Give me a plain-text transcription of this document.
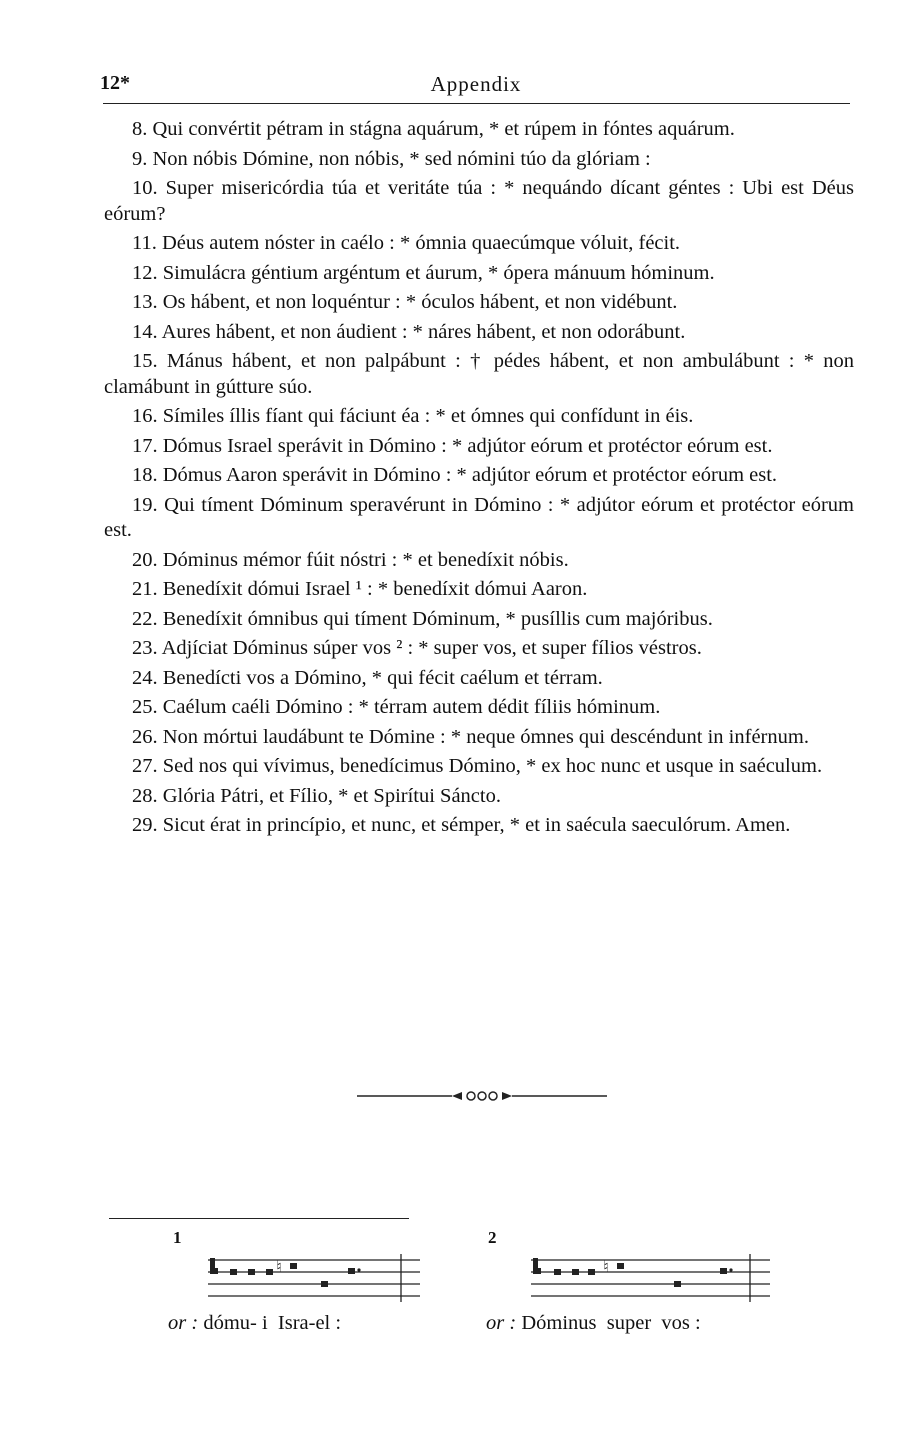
12*	Appendix

8. Qui convértit pétram in stágna aquárum, * et rúpem in fóntes aquárum.

9. Non nóbis Dómine, non nóbis, * sed nómini túo da glóriam :

10. Super misericórdia túa et veritáte túa : * nequándo dícant géntes : Ubi est Déus eórum?

11. Déus autem nóster in caélo : * ómnia quaecúmque vóluit, fécit.

12. Simulácra géntium argéntum et áurum, * ópera mánuum hóminum.

13. Os hábent, et non loquéntur : * óculos hábent, et non vidébunt.

14. Aures hábent, et non áudient : * náres hábent, et non odorábunt.

15. Mánus hábent, et non palpábunt : † pédes hábent, et non ambulábunt : * non clamábunt in gútture súo.

16. Símiles íllis fíant qui fáciunt éa : * et ómnes qui confídunt in éis.

17. Dómus Israel sperávit in Dómino : * adjútor eórum et protéctor eórum est.

18. Dómus Aaron sperávit in Dómino : * adjútor eórum et protéctor eórum est.

19. Qui tíment Dóminum speravérunt in Dómino : * adjútor eórum et protéctor eórum est.

20. Dóminus mémor fúit nóstri : * et benedíxit nóbis.

21. Benedíxit dómui Israel ¹ : * benedíxit dómui Aaron.

22. Benedíxit ómnibus qui tíment Dóminum, * pusíllis cum majóribus.

23. Adjíciat Dóminus súper vos ² : * super vos, et super fílios véstros.

24. Benedícti vos a Dómino, * qui fécit caélum et térram.

25. Caélum caéli Dómino : * térram autem dédit fíliis hóminum.

26. Non mórtui laudábunt te Dómine : * neque ómnes qui descéndunt in inférnum.

27. Sed nos qui vívimus, benedícimus Dómino, * ex hoc nunc et usque in saéculum.

28. Glória Pátri, et Fílio, * et Spirítui Sáncto.

29. Sicut érat in princípio, et nunc, et sémper, * et in saécula saeculórum. Amen.

1
♮
or : dómu- i  Isra-el :
2
♮
or : Dóminus  super  vos :
